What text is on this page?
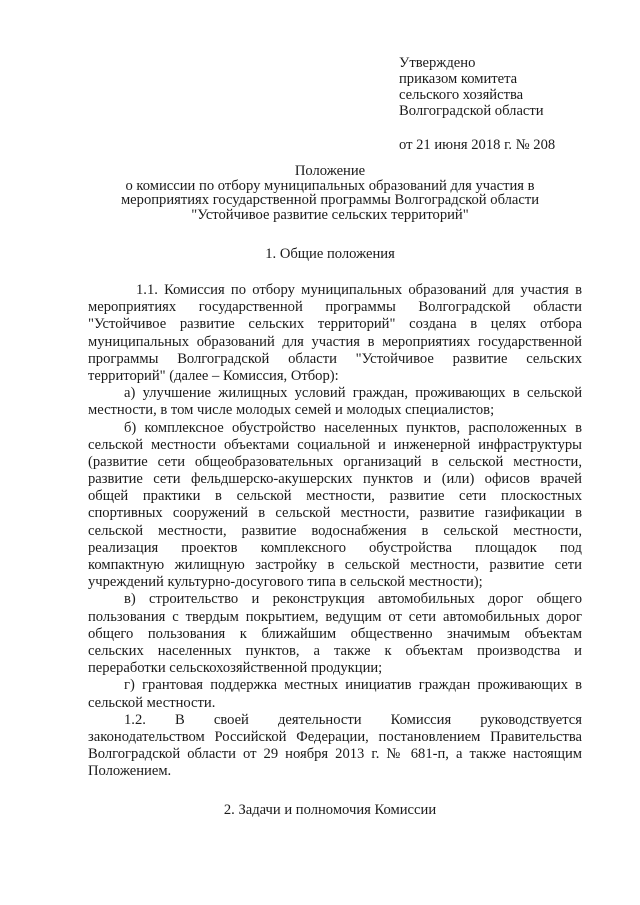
Утверждено
приказом комитета
сельского хозяйства
Волгоградской области
от 21 июня 2018 г. № 208
Положение
о комиссии по отбору муниципальных образований для участия в
мероприятиях государственной программы Волгоградской области
"Устойчивое развитие сельских территорий"
1. Общие положения
1.1. Комиссия по отбору муниципальных образований для участия в
мероприятиях государственной программы Волгоградской области
"Устойчивое развитие сельских территорий" создана в целях отбора
муниципальных образований для участия в мероприятиях государственной
программы Волгоградской области "Устойчивое развитие сельских
территорий" (далее – Комиссия, Отбор):
а) улучшение жилищных условий граждан, проживающих в сельской
местности, в том числе молодых семей и молодых специалистов;
б) комплексное обустройство населенных пунктов, расположенных в
сельской местности объектами социальной и инженерной инфраструктуры
(развитие сети общеобразовательных организаций в сельской местности,
развитие сети фельдшерско-акушерских пунктов и (или) офисов врачей
общей практики в сельской местности, развитие сети плоскостных
спортивных сооружений в сельской местности, развитие газификации в
сельской местности, развитие водоснабжения в сельской местности,
реализация проектов комплексного обустройства площадок под
компактную жилищную застройку в сельской местности, развитие сети
учреждений культурно-досугового типа в сельской местности);
в) строительство и реконструкция автомобильных дорог общего
пользования с твердым покрытием, ведущим от сети автомобильных дорог
общего пользования к ближайшим общественно значимым объектам
сельских населенных пунктов, а также к объектам производства и
переработки сельскохозяйственной продукции;
г) грантовая поддержка местных инициатив граждан проживающих в
сельской местности.
1.2. В своей деятельности Комиссия руководствуется
законодательством Российской Федерации, постановлением Правительства
Волгоградской области от 29 ноября 2013 г. № 681-п, а также настоящим
Положением.
2. Задачи и полномочия Комиссии
